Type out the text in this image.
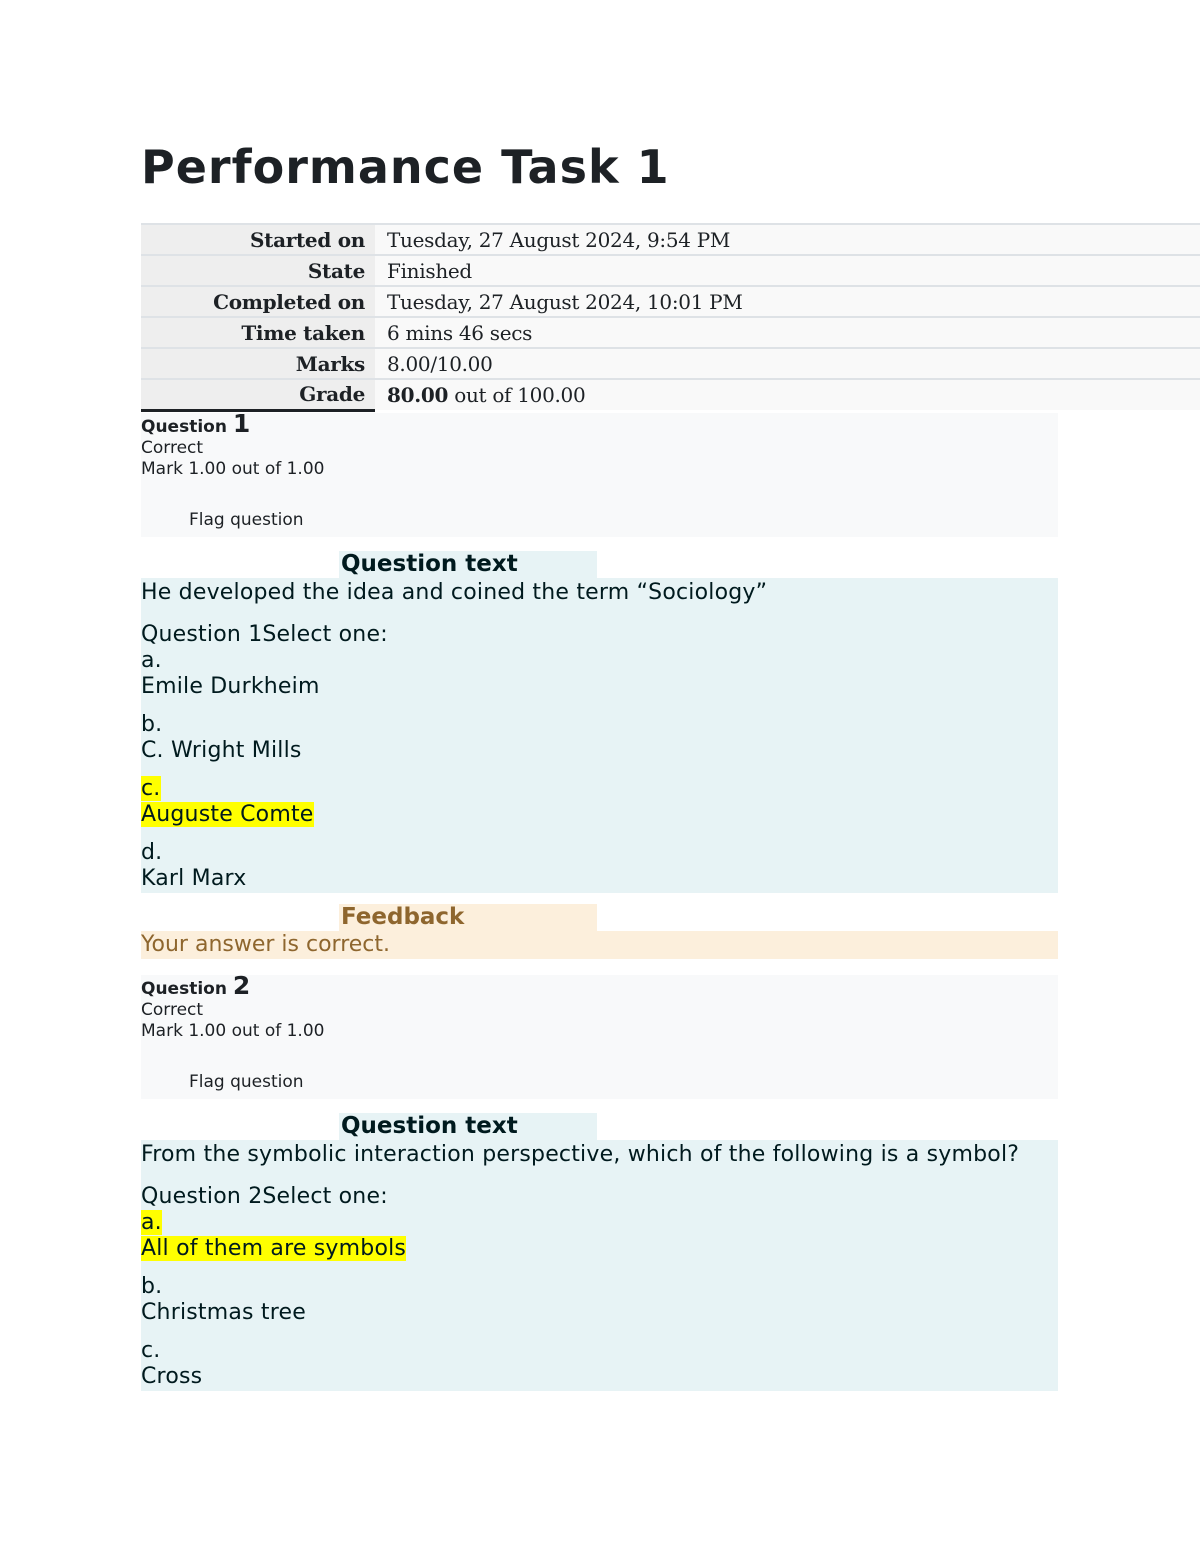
Performance Task 1
Started on	Tuesday, 27 August 2024, 9:54 PM
State	Finished
Completed on	Tuesday, 27 August 2024, 10:01 PM
Time taken	6 mins 46 secs
Marks	8.00/10.00
Grade	80.00 out of 100.00
Question 1
Correct
Mark 1.00 out of 1.00
Flag question
Question text

He developed the idea and coined the term “Sociology”

Question 1Select one:

a.

Emile Durkheim

b.

C. Wright Mills

c.

Auguste Comte

d.

Karl Marx

Feedback
Your answer is correct.
Question 2
Correct
Mark 1.00 out of 1.00
Flag question
Question text

From the symbolic interaction perspective, which of the following is a symbol?

Question 2Select one:

a.

All of them are symbols

b.

Christmas tree

c.

Cross
